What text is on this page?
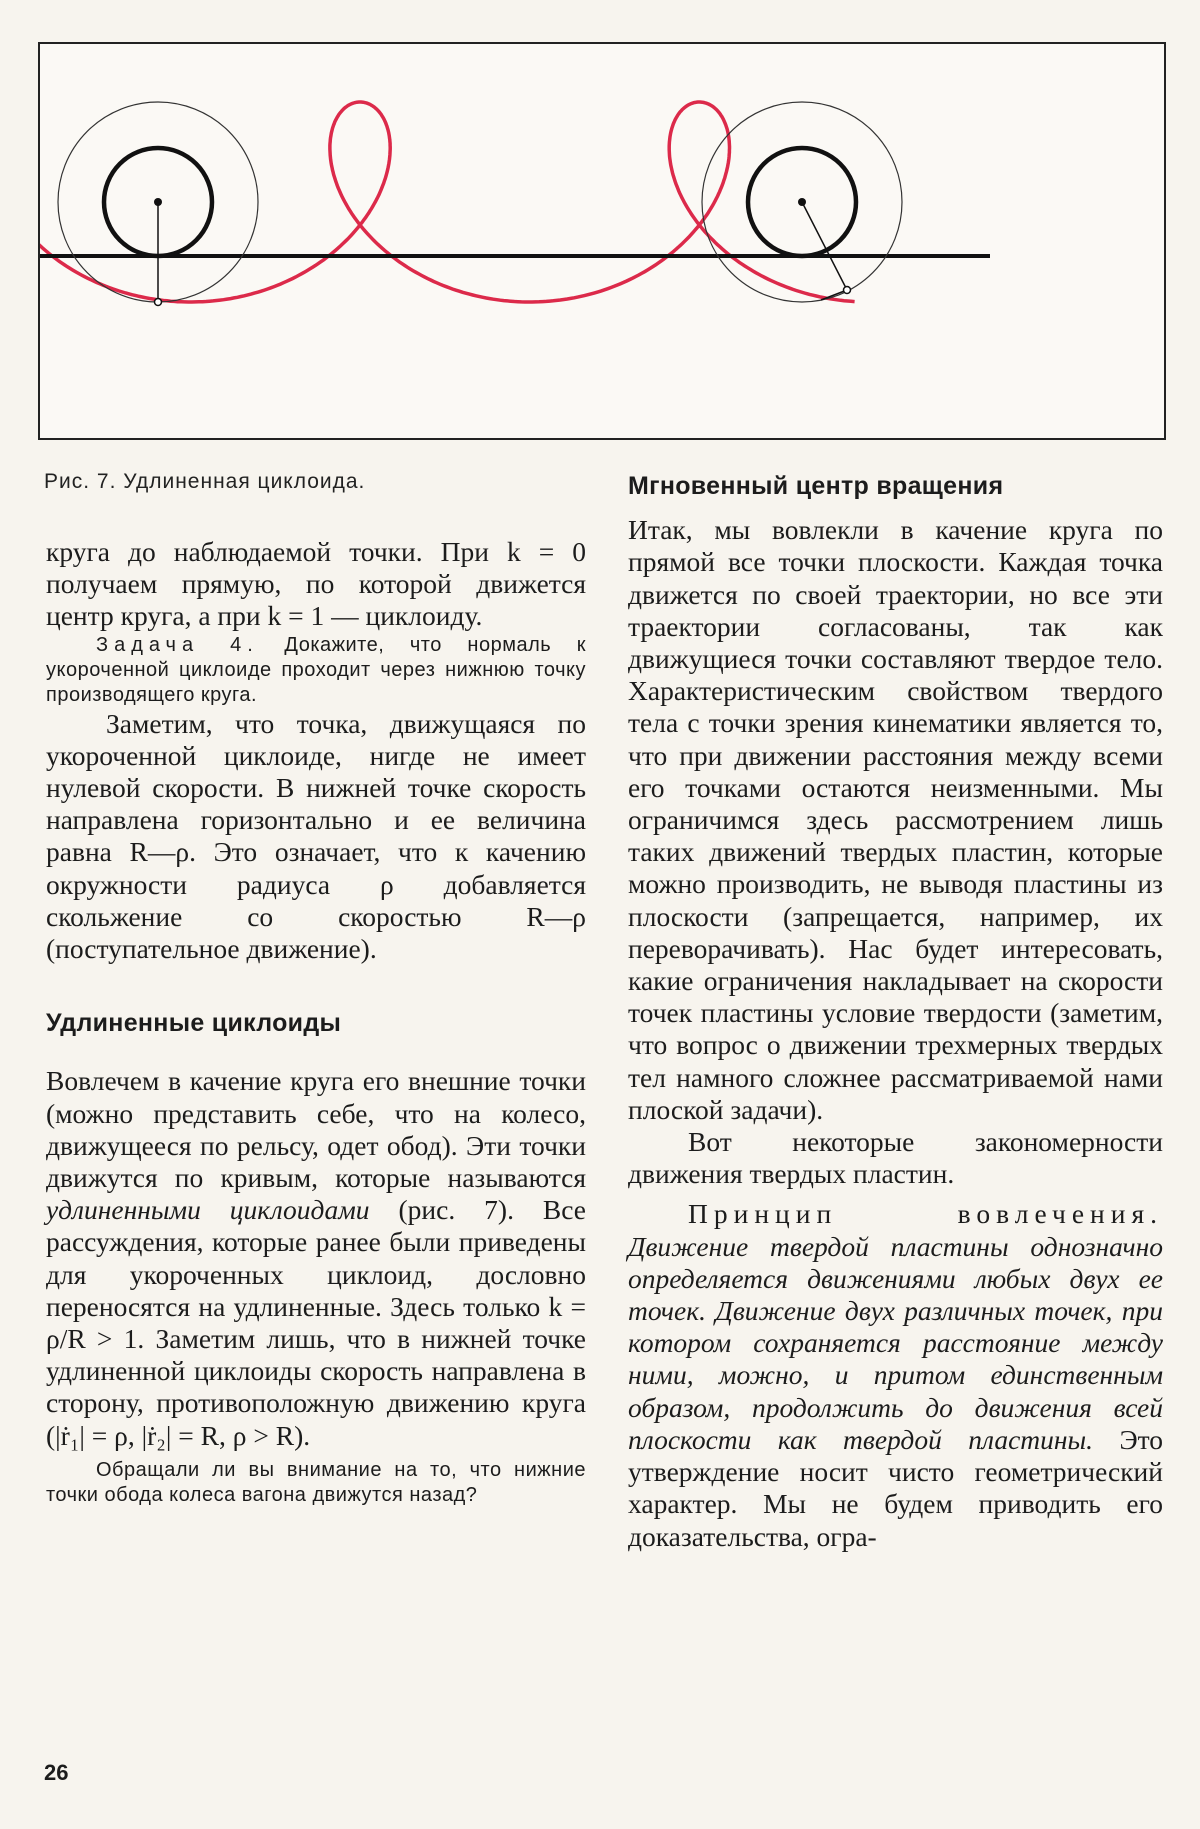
Рис. 7. Удлиненная циклоида.

круга до наблюдаемой точки. При k = 0 получаем прямую, по которой движется центр круга, а при k = 1 — циклоиду.

Задача 4. Докажите, что нормаль к укороченной циклоиде проходит через нижнюю точку производящего круга.

Заметим, что точка, движущаяся по укороченной циклоиде, нигде не имеет нулевой скорости. В нижней точке скорость направлена горизонтально и ее величина равна R—ρ. Это означает, что к качению окружности радиуса ρ добавляется скольжение со скоростью R—ρ (поступательное движение).

Удлиненные циклоиды

Вовлечем в качение круга его внешние точки (можно представить себе, что на колесо, движущееся по рельсу, одет обод). Эти точки движутся по кривым, которые называются удлиненными циклоидами (рис. 7). Все рассуждения, которые ранее были приведены для укороченных циклоид, дословно переносятся на удлиненные. Здесь только k = ρ/R > 1. Заметим лишь, что в нижней точке удлиненной циклоиды скорость направлена в сторону, противоположную движению круга (|ṙ₁| = ρ, |ṙ₂| = R, ρ > R).

Обращали ли вы внимание на то, что нижние точки обода колеса вагона движутся назад?

Мгновенный центр вращения

Итак, мы вовлекли в качение круга по прямой все точки плоскости. Каждая точка движется по своей траектории, но все эти траектории согласованы, так как движущиеся точки составляют твердое тело. Характеристическим свойством твердого тела с точки зрения кинематики является то, что при движении расстояния между всеми его точками остаются неизменными. Мы ограничимся здесь рассмотрением лишь таких движений твердых пластин, которые можно производить, не выводя пластины из плоскости (запрещается, например, их переворачивать). Нас будет интересовать, какие ограничения накладывает на скорости точек пластины условие твердости (заметим, что вопрос о движении трехмерных твердых тел намного сложнее рассматриваемой нами плоской задачи).

Вот некоторые закономерности движения твердых пластин.

Принцип вовлечения. Движение твердой пластины однозначно определяется движениями любых двух ее точек. Движение двух различных точек, при котором сохраняется расстояние между ними, можно, и притом единственным образом, продолжить до движения всей плоскости как твердой пластины. Это утверждение носит чисто геометрический характер. Мы не будем приводить его доказательства, огра-

26
